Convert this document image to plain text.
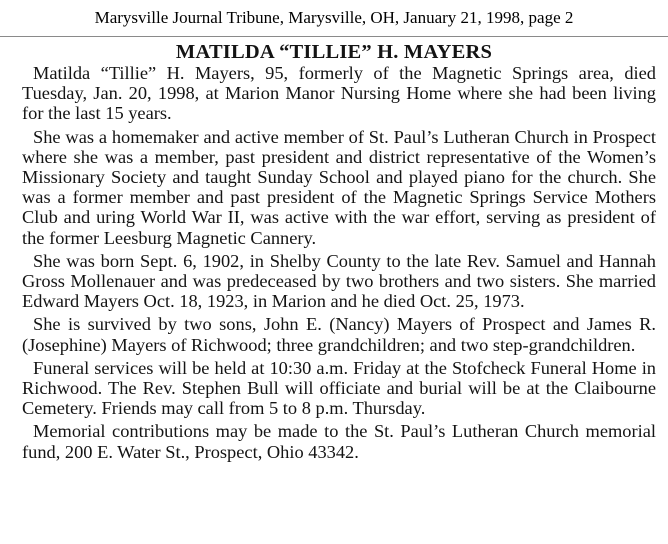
Marysville Journal Tribune, Marysville, OH, January 21, 1998, page 2
MATILDA “TILLIE” H. MAYERS

Matilda “Tillie” H. Mayers, 95, formerly of the Magnetic Springs area, died Tuesday, Jan. 20, 1998, at Marion Manor Nursing Home where she had been living for the last 15 years.

She was a homemaker and active member of St. Paul’s Lutheran Church in Prospect where she was a member, past president and district representative of the Women’s Missionary Society and taught Sunday School and played piano for the church. She was a former member and past president of the Magnetic Springs Service Mothers Club and uring World War II, was active with the war effort, serving as president of the former Leesburg Magnetic Cannery.

She was born Sept. 6, 1902, in Shelby County to the late Rev. Samuel and Hannah Gross Mollenauer and was predeceased by two brothers and two sisters. She married Edward Mayers Oct. 18, 1923, in Marion and he died Oct. 25, 1973.

She is survived by two sons, John E. (Nancy) Mayers of Prospect and James R. (Josephine) Mayers of Richwood; three grandchildren; and two step-grandchildren.

Funeral services will be held at 10:30 a.m. Friday at the Stofcheck Funeral Home in Richwood. The Rev. Stephen Bull will officiate and burial will be at the Claibourne Cemetery. Friends may call from 5 to 8 p.m. Thursday.

Memorial contributions may be made to the St. Paul’s Lutheran Church memorial fund, 200 E. Water St., Prospect, Ohio 43342.
